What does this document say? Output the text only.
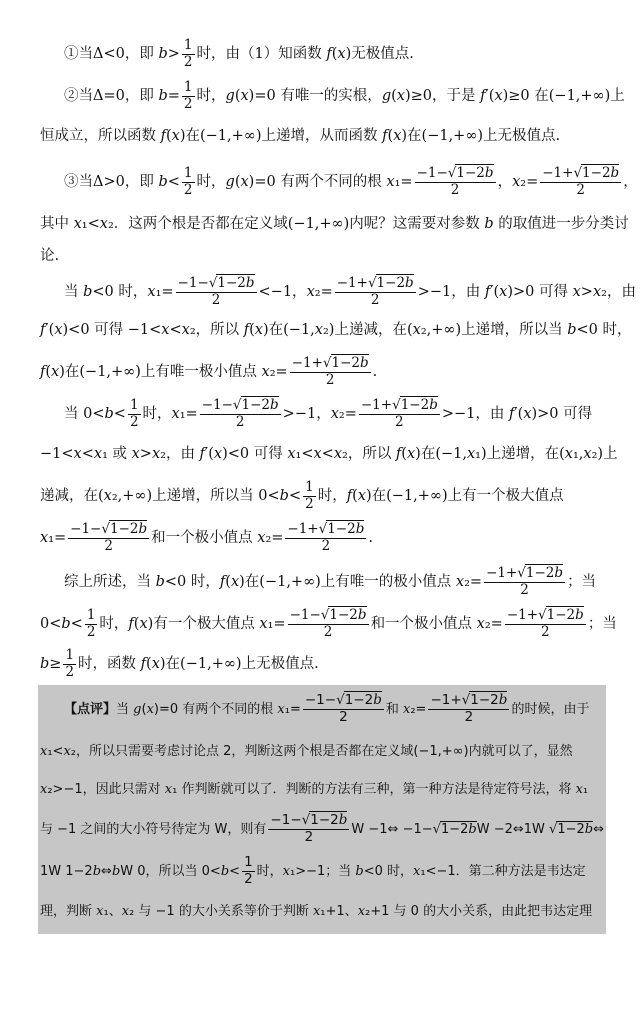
①当Δ<0，即 $b> \frac{1}{2}$ 时，由（1）知函数 f(x)无极值点.
②当Δ=0，即 $b= \frac{1}{2}$ 时，g(x)=0 有唯一的实根，g(x)≥0，于是 f′(x)≥0 在(−1,+∞)上
恒成立，所以函数 f(x)在(−1,+∞)上递增，从而函数 f(x)在(−1,+∞)上无极值点.
③当Δ>0，即 $b< \frac{1}{2}$ 时，g(x)=0 有两个不同的根 $x_1= \frac{-1-√1-2b}{2}$ ，$x_2= \frac{-1+√1-2b}{2}$ ，
其中 x₁<x₂．这两个根是否都在定义域(−1,+∞)内呢？这需要对参数 b 的取值进一步分类讨
论.
当 b<0 时，$x_1= \frac{-1-√1-2b}{2} <-1$，$x_2= \frac{-1+√1-2b}{2} >-1$，由 f′(x)>0 可得 x>x₂，由
f′(x)<0 可得 −1<x<x₂，所以 f(x)在(−1,x₂)上递减，在(x₂,+∞)上递增，所以当 b<0 时，
f(x)在(−1,+∞)上有唯一极小值点 $x_2= \frac{-1+√1-2b}{2}$ .
当 $0<b< \frac{1}{2}$ 时，$x_1= \frac{-1-√1-2b}{2} >-1$，$x_2= \frac{-1+√1-2b}{2} >-1$，由 f′(x)>0 可得
−1<x<x₁ 或 x>x₂，由 f′(x)<0 可得 x₁<x<x₂，所以 f(x)在(−1,x₁)上递增，在(x₁,x₂)上
递减，在(x₂,+∞)上递增，所以当 $0<b< \frac{1}{2}$ 时，f(x)在(−1,+∞)上有一个极大值点
$x_1= \frac{-1-√1-2b}{2}$ 和一个极小值点 $x_2= \frac{-1+√1-2b}{2}$ .
综上所述，当 b<0 时，f(x)在(−1,+∞)上有唯一的极小值点 $x_2= \frac{-1+√1-2b}{2}$ ；当
$0<b< \frac{1}{2}$ 时，f(x)有一个极大值点 $x_1= \frac{-1-√1-2b}{2}$ 和一个极小值点 $x_2= \frac{-1+√1-2b}{2}$ ；当
$b\ge \frac{1}{2}$ 时，函数 f(x)在(−1,+∞)上无极值点.
【点评】当 g(x)=0 有两个不同的根 $x_1= \frac{-1-√1-2b}{2}$ 和 $x_2= \frac{-1+√1-2b}{2}$ 的时候，由于
x₁<x₂，所以只需要考虑讨论点 2，判断这两个根是否都在定义域(−1,+∞)内就可以了，显然
x₂>−1，因此只需对 x₁ 作判断就可以了．判断的方法有三种，第一种方法是待定符号法，将 x₁
与 −1 之间的大小符号待定为 W，则有 $\frac{-1-√1-2b}{2}$ W −1⇔ −1−√1−2bW −2⇔1W √1−2b⇔
1W 1−2b⇔bW 0，所以当 $0<b< \frac{1}{2}$ 时，x₁>−1；当 b<0 时，x₁<−1．第二种方法是韦达定
理，判断 x₁、x₂ 与 −1 的大小关系等价于判断 x₁+1、x₂+1 与 0 的大小关系，由此把韦达定理
